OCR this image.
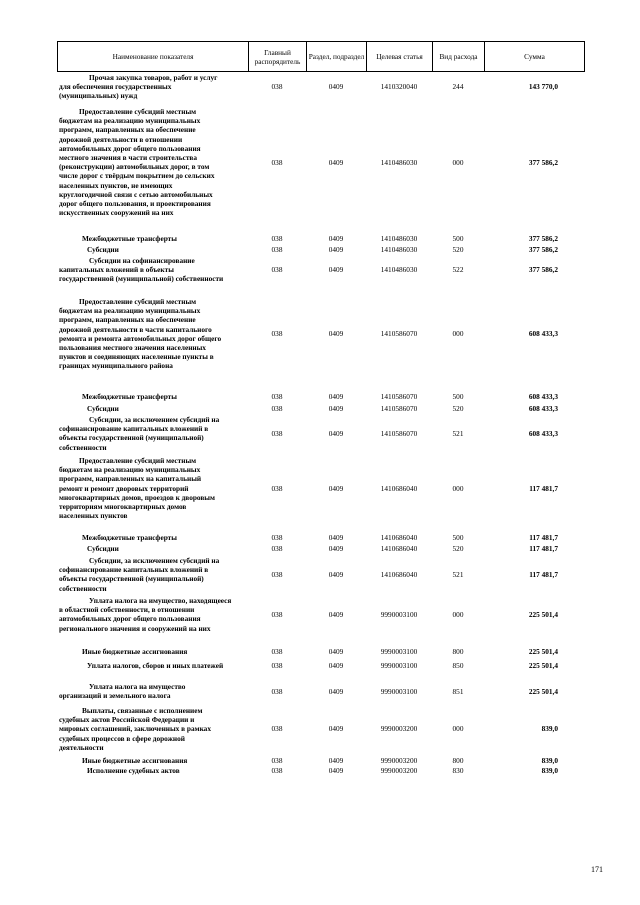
Наименование показателя	Главный распорядитель	Раздел, подраздел	Целевая статья	Вид расхода	Сумма
Прочая закупка товаров, работ и услуг
для обеспечения государственных
(муниципальных) нужд
038	0409	1410320040	244	143 770,0
Предоставление субсидий местным
бюджетам на реализацию муниципальных
программ, направленных на обеспечение
дорожной деятельности в отношении
автомобильных дорог общего пользования
местного значения в части строительства
(реконструкции) автомобильных дорог, в том
числе дорог с твёрдым покрытием до сельских
населенных пунктов, не имеющих
круглогодичной связи с сетью автомобильных
дорог общего пользования, и проектирования
искусственных сооружений на них
038	0409	1410486030	000	377 586,2
Межбюджетные трансферты	038	0409	1410486030	500	377 586,2
Субсидии	038	0409	1410486030	520	377 586,2
Субсидии на софинансирование
капитальных вложений в объекты
государственной (муниципальной) собственности
038	0409	1410486030	522	377 586,2
Предоставление субсидий местным
бюджетам на реализацию муниципальных
программ, направленных на обеспечение
дорожной деятельности в части капитального
ремонта и ремонта автомобильных дорог общего
пользования местного значения населенных
пунктов и соединяющих населенные пункты в
границах муниципального района
038	0409	1410586070	000	608 433,3
Межбюджетные трансферты	038	0409	1410586070	500	608 433,3
Субсидии	038	0409	1410586070	520	608 433,3
Субсидии, за исключением субсидий на
софинансирование капитальных вложений в
объекты государственной (муниципальной)
собственности
038	0409	1410586070	521	608 433,3
Предоставление субсидий местным
бюджетам на реализацию муниципальных
программ, направленных на капитальный
ремонт и ремонт дворовых территорий
многоквартирных домов, проездов к дворовым
территориям многоквартирных домов
населенных пунктов
038	0409	1410686040	000	117 481,7
Межбюджетные трансферты	038	0409	1410686040	500	117 481,7
Субсидии	038	0409	1410686040	520	117 481,7
Субсидии, за исключением субсидий на
софинансирование капитальных вложений в
объекты государственной (муниципальной)
собственности
038	0409	1410686040	521	117 481,7
Уплата налога на имущество, находящееся
в областной собственности, в отношении
автомобильных дорог общего пользования
регионального значения и сооружений на них
038	0409	9990003100	000	225 501,4
Иные бюджетные ассигнования	038	0409	9990003100	800	225 501,4
Уплата налогов, сборов и иных платежей	038	0409	9990003100	850	225 501,4
Уплата налога на имущество
организаций и земельного налога	038	0409	9990003100	851	225 501,4
Выплаты, связанные с исполнением
судебных актов Российской Федерации и
мировых соглашений, заключенных в рамках
судебных процессов в сфере дорожной
деятельности
038	0409	9990003200	000	839,0
Иные бюджетные ассигнования	038	0409	9990003200	800	839,0
Исполнение судебных актов	038	0409	9990003200	830	839,0
171
